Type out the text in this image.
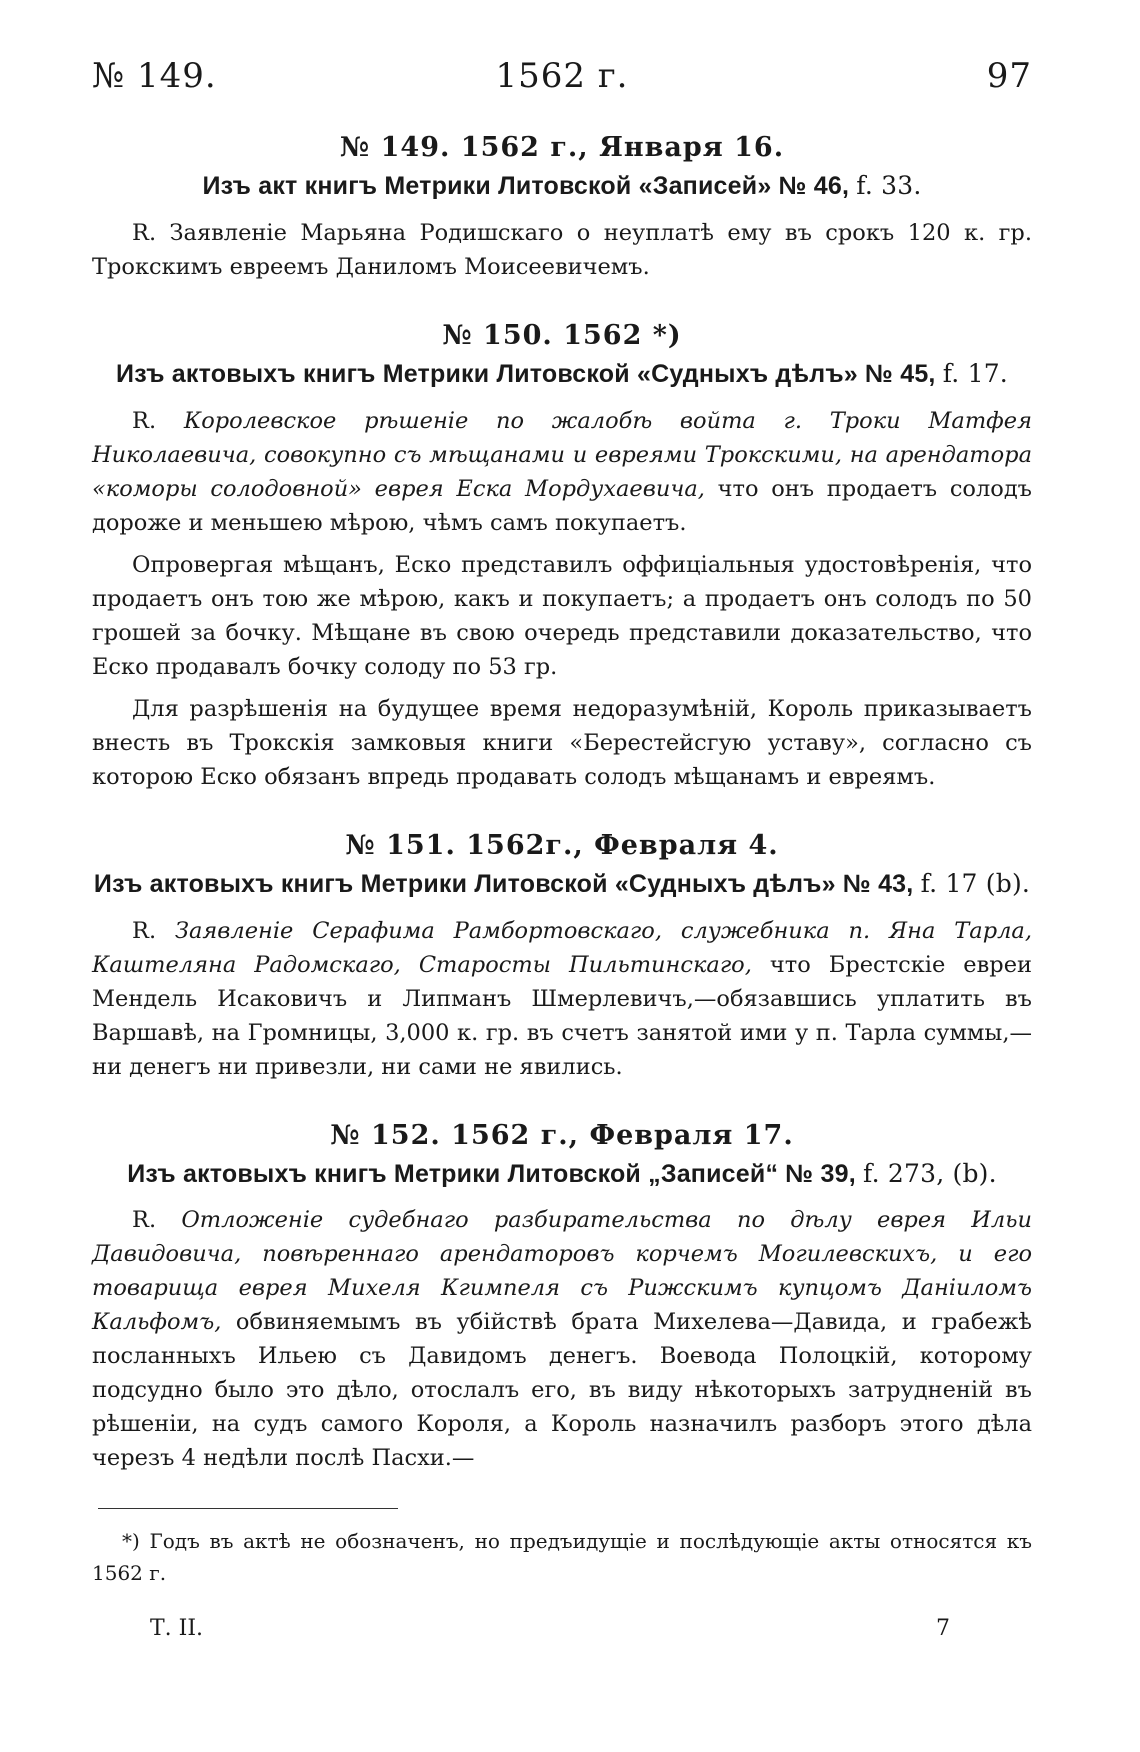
№ 149.	1562 г.	97
№ 149. 1562 г., Января 16.
Изъ акт книгъ Метрики Литовской «Записей» № 46, f. 33.

R. Заявленіе Марьяна Родишскаго о неуплатѣ ему въ срокъ 120 к. гр. Трокскимъ евреемъ Даниломъ Моисеевичемъ.

№ 150. 1562 *)
Изъ актовыхъ книгъ Метрики Литовской «Судныхъ дѣлъ» № 45, f. 17.

R. Королевское рѣшеніе по жалобѣ войта г. Троки Матфея Николаевича, совокупно съ мѣщанами и евреями Трокскими, на арендатора «коморы солодовной» еврея Еска Мордухаевича, что онъ продаетъ солодъ дороже и меньшею мѣрою, чѣмъ самъ покупаетъ.

Опровергая мѣщанъ, Еско представилъ оффиціальныя удостовѣренія, что продаетъ онъ тою же мѣрою, какъ и покупаетъ; а продаетъ онъ солодъ по 50 грошей за бочку. Мѣщане въ свою очередь представили доказательство, что Еско продавалъ бочку солоду по 53 гр.

Для разрѣшенія на будущее время недоразумѣній, Король приказываетъ внесть въ Трокскія замковыя книги «Берестейсгую уставу», согласно съ которою Еско обязанъ впредь продавать солодъ мѣщанамъ и евреямъ.

№ 151. 1562г., Февраля 4.
Изъ актовыхъ книгъ Метрики Литовской «Судныхъ дѣлъ» № 43, f. 17 (b).

R. Заявленіе Серафима Рамбортовскаго, служебника п. Яна Тарла, Каштеляна Радомскаго, Старосты Пильтинскаго, что Брестскіе евреи Мендель Исаковичъ и Липманъ Шмерлевичъ,—обязавшись уплатить въ Варшавѣ, на Громницы, 3,000 к. гр. въ счетъ занятой ими у п. Тарла суммы,—ни денегъ ни привезли, ни сами не явились.

№ 152. 1562 г., Февраля 17.
Изъ актовыхъ книгъ Метрики Литовской „Записей“ № 39, f. 273, (b).

R. Отложеніе судебнаго разбирательства по дѣлу еврея Ильи Давидовича, повѣреннаго арендаторовъ корчемъ Могилевскихъ, и его товарища еврея Михеля Кгимпеля съ Рижскимъ купцомъ Даніиломъ Кальфомъ, обвиняемымъ въ убійствѣ брата Михелева—Давида, и грабежѣ посланныхъ Ильею съ Давидомъ денегъ. Воевода Полоцкій, которому подсудно было это дѣло, отослалъ его, въ виду нѣкоторыхъ затрудненій въ рѣшеніи, на судъ самого Короля, а Король назначилъ разборъ этого дѣла черезъ 4 недѣли послѣ Пасхи.—

*) Годъ въ актѣ не обозначенъ, но предъидущіе и послѣдующіе акты относятся къ 1562 г.

Т. II.	7
